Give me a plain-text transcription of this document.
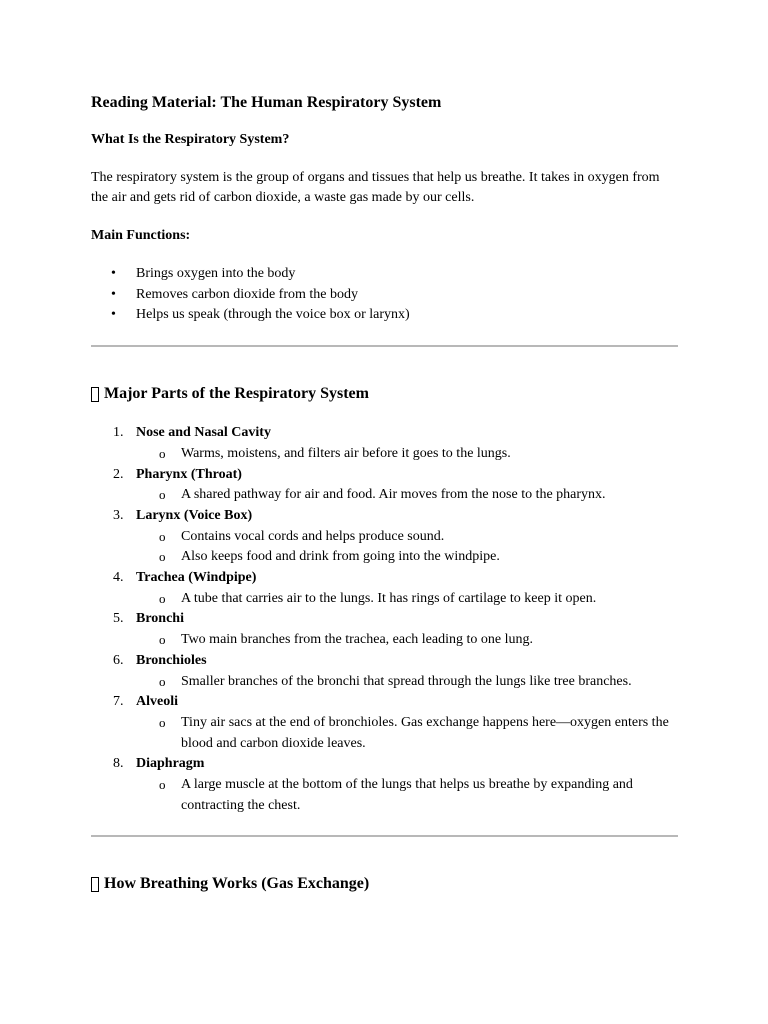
Reading Material: The Human Respiratory System
What Is the Respiratory System?

The respiratory system is the group of organs and tissues that help us breathe. It takes in oxygen from the air and gets rid of carbon dioxide, a waste gas made by our cells.

Main Functions:
• Brings oxygen into the body
• Removes carbon dioxide from the body
• Helps us speak (through the voice box or larynx)
Major Parts of the Respiratory System
1. Nose and Nasal Cavity
o Warms, moistens, and filters air before it goes to the lungs.
2. Pharynx (Throat)
o A shared pathway for air and food. Air moves from the nose to the pharynx.
3. Larynx (Voice Box)
o Contains vocal cords and helps produce sound.
o Also keeps food and drink from going into the windpipe.
4. Trachea (Windpipe)
o A tube that carries air to the lungs. It has rings of cartilage to keep it open.
5. Bronchi
o Two main branches from the trachea, each leading to one lung.
6. Bronchioles
o Smaller branches of the bronchi that spread through the lungs like tree branches.
7. Alveoli
o Tiny air sacs at the end of bronchioles. Gas exchange happens here—oxygen enters the blood and carbon dioxide leaves.
8. Diaphragm
o A large muscle at the bottom of the lungs that helps us breathe by expanding and contracting the chest.
How Breathing Works (Gas Exchange)
